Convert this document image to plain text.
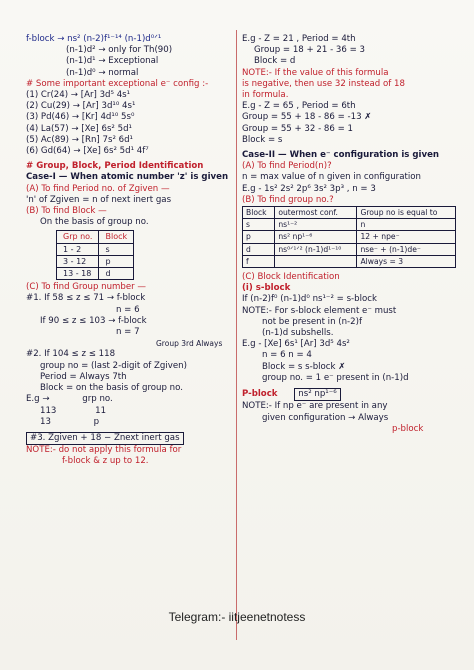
f-block → ns² (n-2)f¹⁻¹⁴ (n-1)d⁰ᐟ¹
(n-1)d² → only for Th(90)
(n-1)d¹ → Exceptional
(n-1)d⁰ → normal
# Some important exceptional e⁻ config :-
(1) Cr(24) → [Ar] 3d⁵ 4s¹
(2) Cu(29) → [Ar] 3d¹⁰ 4s¹
(3) Pd(46) → [Kr] 4d¹⁰ 5s⁰
(4) La(57) → [Xe] 6s² 5d¹
(5) Ac(89) → [Rn] 7s² 6d¹
(6) Gd(64) → [Xe] 6s² 5d¹ 4f⁷
# Group, Block, Period Identification
Case-I — When atomic number 'z' is given
(A) To find Period no. of Zgiven —
'n' of Zgiven = n of next inert gas
(B) To find Block —
On the basis of group no.
Grp no.	Block
1 - 2	s
3 - 12	p
13 - 18	d
(C) To find Group number —
#1. If 58 ≤ z ≤ 71 → f-block
n = 6
If 90 ≤ z ≤ 103 → f-block
n = 7
Group 3rd Always
#2. If 104 ≤ z ≤ 118
group no = (last 2-digit of Zgiven)
Period = Always 7th
Block = on the basis of group no.
E.g →	grp no.
113	11
13	p
#3. Zgiven + 18 − Znext inert gas
NOTE:- do not apply this formula for
f-block & z up to 12.
E.g - Z = 21 , Period = 4th
Group = 18 + 21 - 36 = 3
Block = d
NOTE:- If the value of this formula
is negative, then use 32 instead of 18
in formula.
E.g - Z = 65 , Period = 6th
Group = 55 + 18 - 86 = -13 ✗
Group = 55 + 32 - 86 = 1
Block = s
Case-II — When e⁻ configuration is given
(A) To find Period(n)?
n = max value of n given in configuration
E.g - 1s² 2s² 2p⁶ 3s² 3p³ , n = 3
(B) To find group no.?
Block	outermost conf.	Group no is equal to
s	ns¹⁻²	n
p	ns² np¹⁻⁶	12 + npe⁻
d	ns⁰ᐟ¹ᐟ² (n-1)d¹⁻¹⁰	nse⁻ + (n-1)de⁻
f		Always = 3
(C) Block Identification
(i) s-block
If (n-2)f⁰ (n-1)d⁰ ns¹⁻² = s-block
NOTE:- For s-block element e⁻ must
not be present in (n-2)f
(n-1)d subshells.
E.g - [Xe] 6s¹ [Ar] 3d⁵ 4s²
n = 6 n = 4
Block = s s-block ✗
group no. = 1 e⁻ present in (n-1)d
P-block ns² np¹⁻⁶
NOTE:- If np e⁻ are present in any
given configuration → Always
p-block
Telegram:- iitjeenetnotess
